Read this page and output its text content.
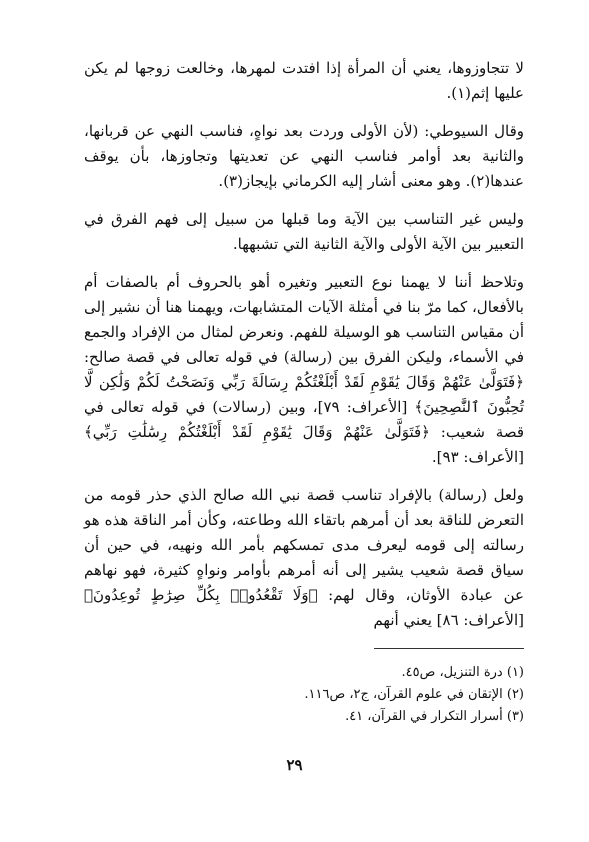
لا تتجاوزوها، يعني أن المرأة إذا افتدت لمهرها، وخالعت زوجها لم يكن عليها إثم(١).

وقال السيوطي: (لأن الأولى وردت بعد نواهٍ، فناسب النهي عن قربانها، والثانية بعد أوامر فناسب النهي عن تعديتها وتجاوزها، بأن يوقف عندها(٢). وهو معنى أشار إليه الكرماني بإيجاز(٣).

وليس غير التناسب بين الآية وما قبلها من سبيل إلى فهم الفرق في التعبير بين الآية الأولى والآية الثانية التي تشبهها.

وتلاحظ أننا لا يهمنا نوع التعبير وتغيره أهو بالحروف أم بالصفات أم بالأفعال، كما مرّ بنا في أمثلة الآيات المتشابهات، ويهمنا هنا أن نشير إلى أن مقياس التناسب هو الوسيلة للفهم. ونعرض لمثال من الإفراد والجمع في الأسماء، وليكن الفرق بين (رسالة) في قوله تعالى في قصة صالح: ﴿فَتَوَلَّىٰ عَنْهُمْ وَقَالَ يَٰقَوْمِ لَقَدْ أَبْلَغْتُكُمْ رِسَالَةَ رَبِّي وَنَصَحْتُ لَكُمْ وَلَٰكِن لَّا تُحِبُّونَ ٱلنَّٰصِحِينَ﴾ [الأعراف: ٧٩]، وبين (رسالات) في قوله تعالى في قصة شعيب: ﴿فَتَوَلَّىٰ عَنْهُمْ وَقَالَ يَٰقَوْمِ لَقَدْ أَبْلَغْتُكُمْ رِسَٰلَٰتِ رَبِّي﴾ [الأعراف: ٩٣].

ولعل (رسالة) بالإفراد تناسب قصة نبي الله صالح الذي حذر قومه من التعرض للناقة بعد أن أمرهم باتقاء الله وطاعته، وكأن أمر الناقة هذه هو رسالته إلى قومه ليعرف مدى تمسكهم بأمر الله ونهيه، في حين أن سياق قصة شعيب يشير إلى أنه أمرهم بأوامر ونواهٍ كثيرة، فهو نهاهم عن عبادة الأوثان، وقال لهم: ﴿وَلَا تَقْعُدُوا۟ بِكُلِّ صِرَٰطٍ تُوعِدُونَ﴾ [الأعراف: ٨٦] يعني أنهم

(١) درة التنزيل، ص٤٥.

(٢) الإتقان في علوم القرآن، ج٢، ص١١٦.

(٣) أسرار التكرار في القرآن، ٤١.

٢٩
